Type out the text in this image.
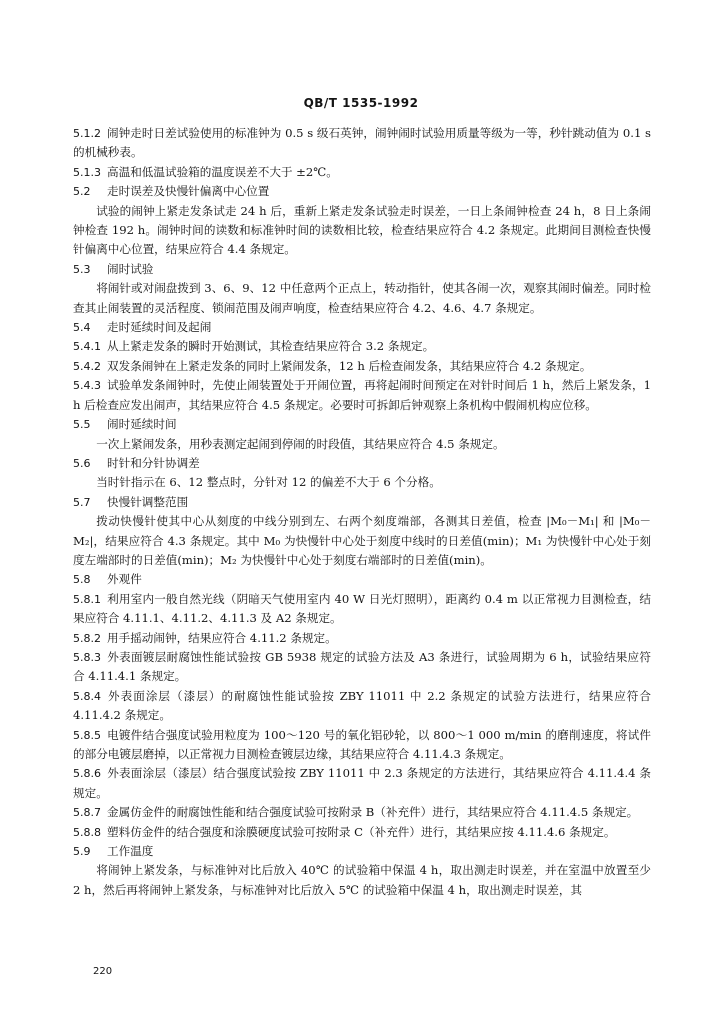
QB/T 1535-1992

5.1.2 闹钟走时日差试验使用的标准钟为 0.5 s 级石英钟，闹钟闹时试验用质量等级为一等，秒针跳动值为 0.1 s 的机械秒表。

5.1.3 高温和低温试验箱的温度误差不大于 ±2℃。

5.2 走时误差及快慢针偏离中心位置

试验的闹钟上紧走发条试走 24 h 后，重新上紧走发条试验走时误差，一日上条闹钟检查 24 h，8 日上条闹钟检查 192 h。闹钟时间的读数和标准钟时间的读数相比较，检查结果应符合 4.2 条规定。此期间目测检查快慢针偏离中心位置，结果应符合 4.4 条规定。

5.3 闹时试验

将闹针或对闹盘拨到 3、6、9、12 中任意两个正点上，转动指针，使其各闹一次，观察其闹时偏差。同时检查其止闹装置的灵活程度、锁闹范围及闹声响度，检查结果应符合 4.2、4.6、4.7 条规定。

5.4 走时延续时间及起闹

5.4.1 从上紧走发条的瞬时开始测试，其检查结果应符合 3.2 条规定。

5.4.2 双发条闹钟在上紧走发条的同时上紧闹发条，12 h 后检查闹发条，其结果应符合 4.2 条规定。

5.4.3 试验单发条闹钟时，先使止闹装置处于开闹位置，再将起闹时间预定在对针时间后 1 h，然后上紧发条，1 h 后检查应发出闹声，其结果应符合 4.5 条规定。必要时可拆卸后钟观察上条机构中假闹机构应位移。

5.5 闹时延续时间

一次上紧闹发条，用秒表测定起闹到停闹的时段值，其结果应符合 4.5 条规定。

5.6 时针和分针协调差

当时针指示在 6、12 整点时，分针对 12 的偏差不大于 6 个分格。

5.7 快慢针调整范围

拨动快慢针使其中心从刻度的中线分别到左、右两个刻度端部，各测其日差值，检查 |M₀－M₁| 和 |M₀－M₂|，结果应符合 4.3 条规定。其中 M₀ 为快慢针中心处于刻度中线时的日差值(min)；M₁ 为快慢针中心处于刻度左端部时的日差值(min)；M₂ 为快慢针中心处于刻度右端部时的日差值(min)。

5.8 外观件

5.8.1 利用室内一般自然光线（阴暗天气使用室内 40 W 日光灯照明），距离约 0.4 m 以正常视力目测检查，结果应符合 4.11.1、4.11.2、4.11.3 及 A2 条规定。

5.8.2 用手摇动闹钟，结果应符合 4.11.2 条规定。

5.8.3 外表面镀层耐腐蚀性能试验按 GB 5938 规定的试验方法及 A3 条进行，试验周期为 6 h，试验结果应符合 4.11.4.1 条规定。

5.8.4 外表面涂层（漆层）的耐腐蚀性能试验按 ZBY 11011 中 2.2 条规定的试验方法进行，结果应符合 4.11.4.2 条规定。

5.8.5 电镀件结合强度试验用粒度为 100～120 号的氧化铝砂轮，以 800～1 000 m/min 的磨削速度，将试件的部分电镀层磨掉，以正常视力目测检查镀层边缘，其结果应符合 4.11.4.3 条规定。

5.8.6 外表面涂层（漆层）结合强度试验按 ZBY 11011 中 2.3 条规定的方法进行，其结果应符合 4.11.4.4 条规定。

5.8.7 金属仿金件的耐腐蚀性能和结合强度试验可按附录 B（补充件）进行，其结果应符合 4.11.4.5 条规定。

5.8.8 塑料仿金件的结合强度和涂膜硬度试验可按附录 C（补充件）进行，其结果应按 4.11.4.6 条规定。

5.9 工作温度

将闹钟上紧发条，与标准钟对比后放入 40℃ 的试验箱中保温 4 h，取出测走时误差，并在室温中放置至少 2 h，然后再将闹钟上紧发条，与标准钟对比后放入 5℃ 的试验箱中保温 4 h，取出测走时误差，其

220
